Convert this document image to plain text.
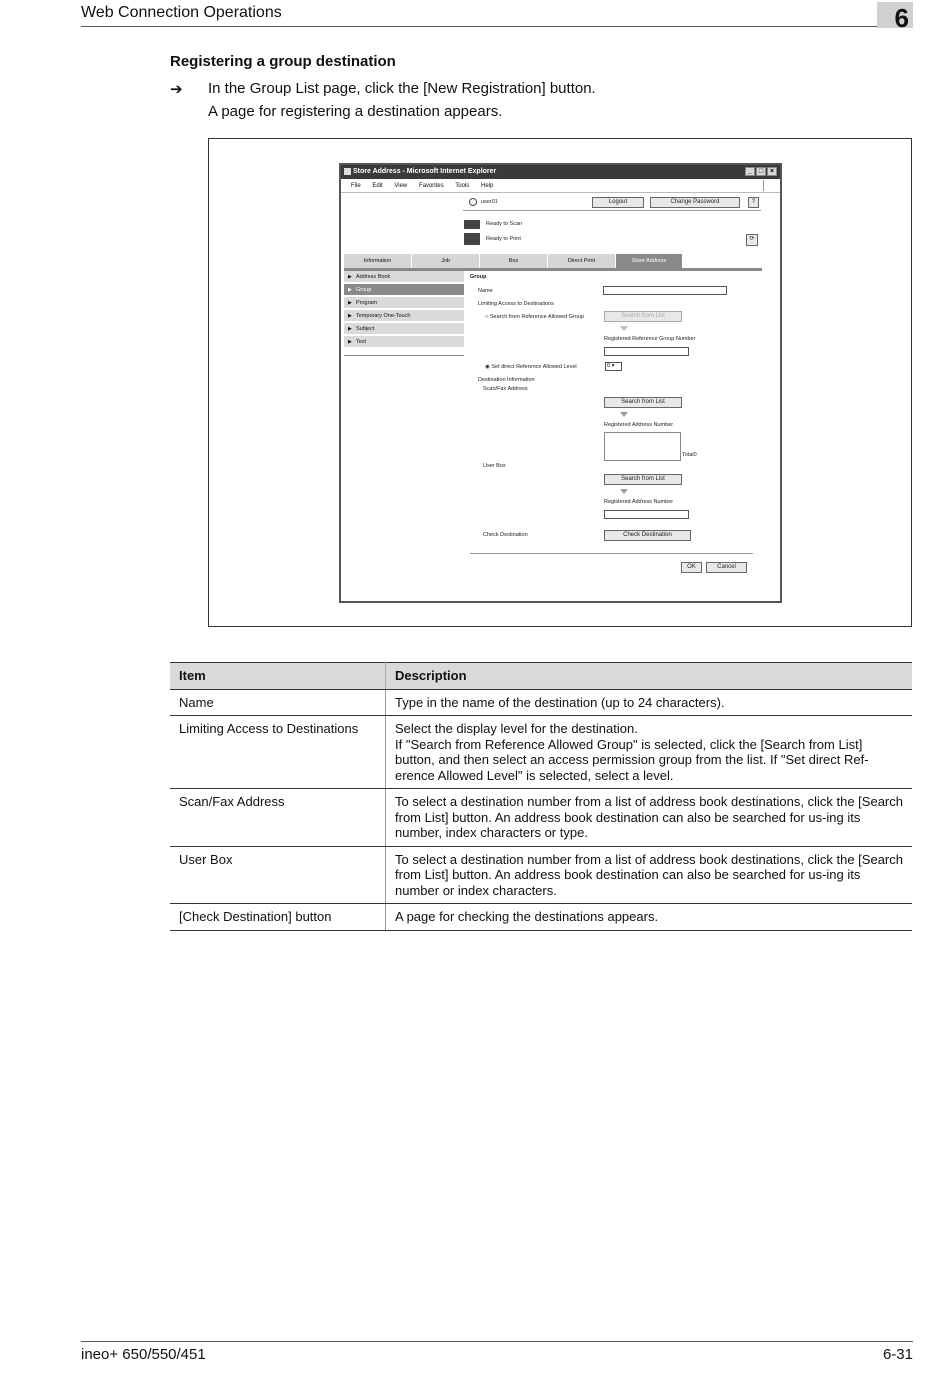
Web Connection Operations	6
Registering a group destination
➔ In the Group List page, click the [New Registration] button.
A page for registering a destination appears.
Store Address - Microsoft Internet Explorer	_ □ ×
File Edit View Favorites Tools Help
user01	Logout	Change Password	?
Ready to Scan
Ready to Print	⟳
Information	Job	Box	Direct Print	Store Address
▶ Address Book
▶ Group
▶ Program
▶ Temporary One-Touch
▶ Subject
▶ Text
Group
Name
Limiting Access to Destinations
○ Search from Reference Allowed Group	Search from List
Registered Reference Group Number
◉ Set direct Reference Allowed Level	0 ▾
Destination Information
Scan/Fax Address
Search from List
Registered Address Number
Total0
User Box
Search from List
Registered Address Number
Check Destination	Check Destination
OK	Cancel
Item	Description
Name	Type in the name of the destination (up to 24 characters).
Limiting Access to Destinations	Select the display level for the destination.
If "Search from Reference Allowed Group" is selected, click the [Search from List] button, and then select an access permission group from the list. If "Set direct Ref-erence Allowed Level" is selected, select a level.

Scan/Fax Address	To select a destination number from a list of address book destinations, click the [Search from List] button. An address book destination can also be searched for us-ing its number, index characters or type.
User Box	To select a destination number from a list of address book destinations, click the [Search from List] button. An address book destination can also be searched for us-ing its number or index characters.
[Check Destination] button	A page for checking the destinations appears.
ineo+ 650/550/451	6-31
